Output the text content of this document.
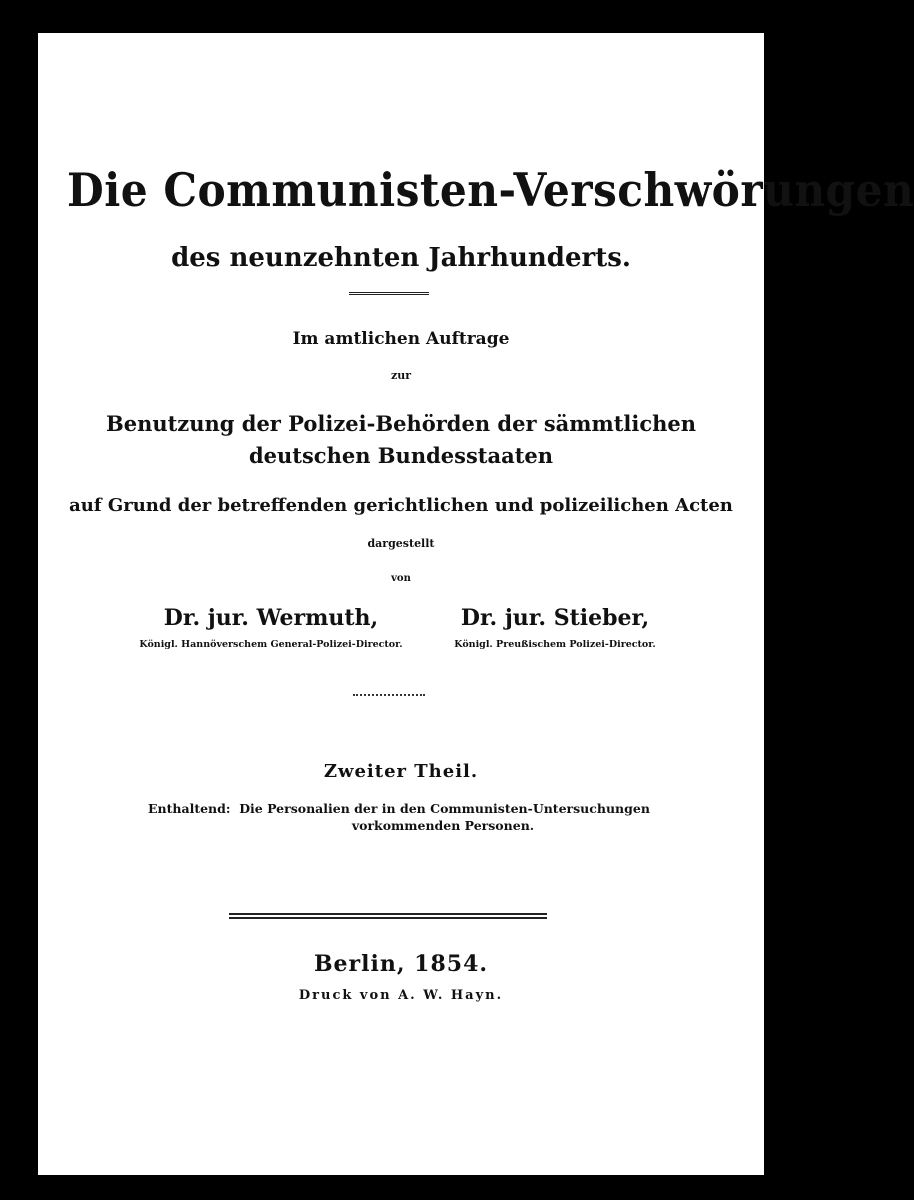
Die Communisten-Verschwörungen
des neunzehnten Jahrhunderts.
Im amtlichen Auftrage
zur
Benutzung der Polizei-Behörden der sämmtlichen
deutschen Bundesstaaten
auf Grund der betreffenden gerichtlichen und polizeilichen Acten
dargestellt
von
Dr. jur. Wermuth,
Königl. Hannöverschem General-Polizei-Director.
Dr. jur. Stieber,
Königl. Preußischem Polizei-Director.
Zweiter Theil.
Enthaltend: Die Personalien der in den Communisten-Untersuchungen
vorkommenden Personen.
Berlin, 1854.
Druck von A. W. Hayn.
